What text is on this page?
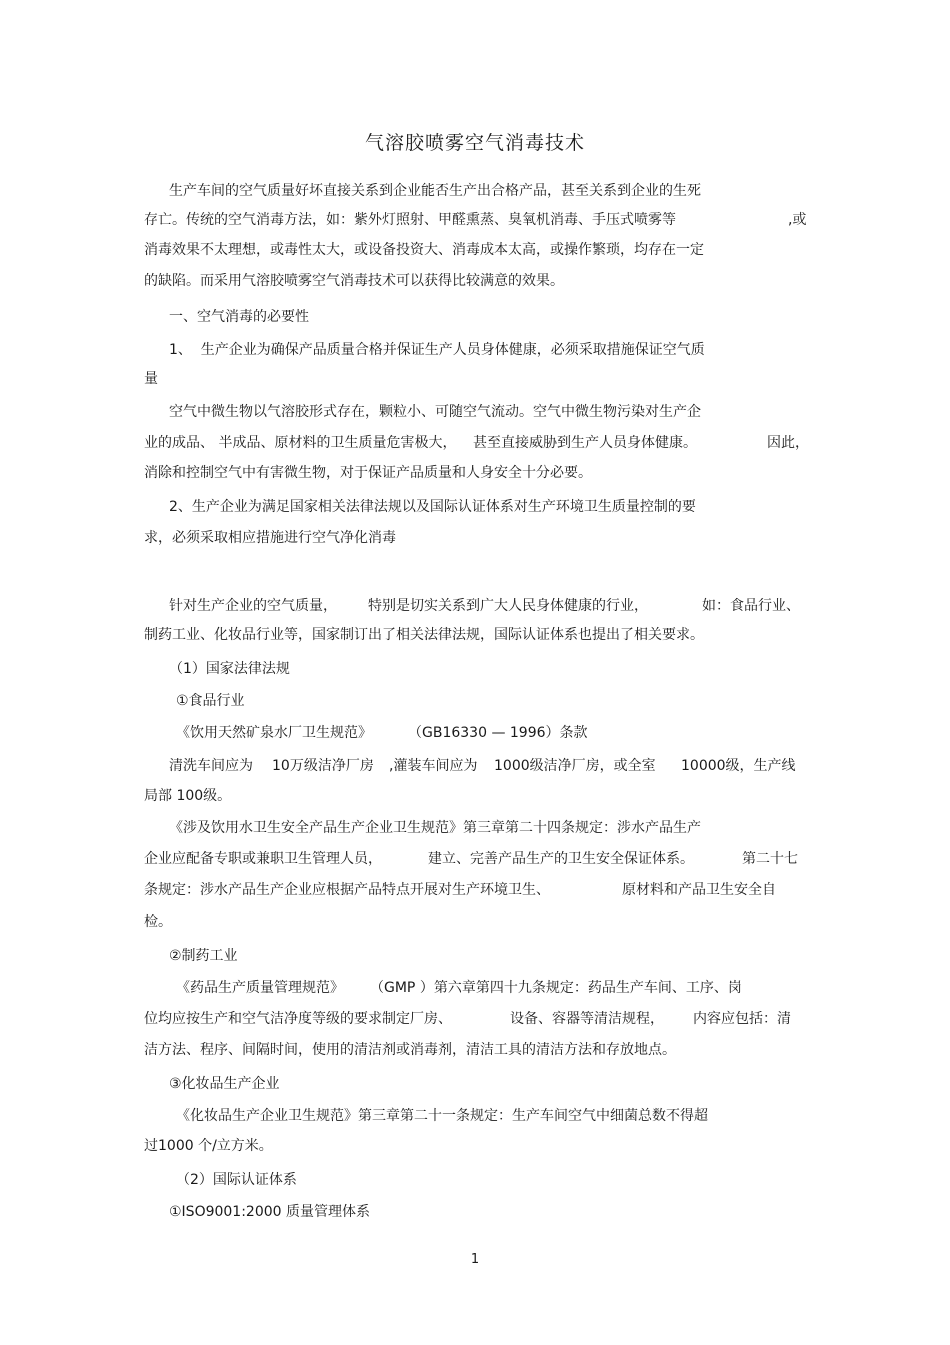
气溶胶喷雾空气消毒技术
生产车间的空气质量好坏直接关系到企业能否生产出合格产品，甚至关系到企业的生死
存亡。传统的空气消毒方法，如：紫外灯照射、甲醛熏蒸、臭氧机消毒、手压式喷雾等	,或
消毒效果不太理想，或毒性太大，或设备投资大、消毒成本太高，或操作繁琐，均存在一定
的缺陷。而采用气溶胶喷雾空气消毒技术可以获得比较满意的效果。
一、空气消毒的必要性
1、  生产企业为确保产品质量合格并保证生产人员身体健康，必须采取措施保证空气质
量
空气中微生物以气溶胶形式存在，颗粒小、可随空气流动。空气中微生物污染对生产企
业的成品、 半成品、原材料的卫生质量危害极大， 甚至直接威胁到生产人员身体健康。	因此，
消除和控制空气中有害微生物，对于保证产品质量和人身安全十分必要。
2、生产企业为满足国家相关法律法规以及国际认证体系对生产环境卫生质量控制的要
求，必须采取相应措施进行空气净化消毒
针对生产企业的空气质量， 特别是切实关系到广大人民身体健康的行业，	如：食品行业、
制药工业、化妆品行业等，国家制订出了相关法律法规，国际认证体系也提出了相关要求。
（1）国家法律法规
①食品行业
《饮用天然矿泉水厂卫生规范》	（GB16330 — 1996）条款
清洗车间应为 10万级洁净厂房 ,灌装车间应为 1000级洁净厂房，或全室 10000级，生产线
局部 100级。
《涉及饮用水卫生安全产品生产企业卫生规范》第三章第二十四条规定：涉水产品生产
企业应配备专职或兼职卫生管理人员，	建立、完善产品生产的卫生安全保证体系。	第二十七
条规定：涉水产品生产企业应根据产品特点开展对生产环境卫生、	原材料和产品卫生安全自
检。
②制药工业
《药品生产质量管理规范》 （GMP ）第六章第四十九条规定：药品生产车间、工序、岗
位均应按生产和空气洁净度等级的要求制定厂房、	设备、容器等清洁规程， 内容应包括：清
洁方法、程序、间隔时间，使用的清洁剂或消毒剂，清洁工具的清洁方法和存放地点。
③化妆品生产企业
《化妆品生产企业卫生规范》第三章第二十一条规定：生产车间空气中细菌总数不得超
过1000 个/立方米。
（2）国际认证体系
①ISO9001:2000 质量管理体系
1
